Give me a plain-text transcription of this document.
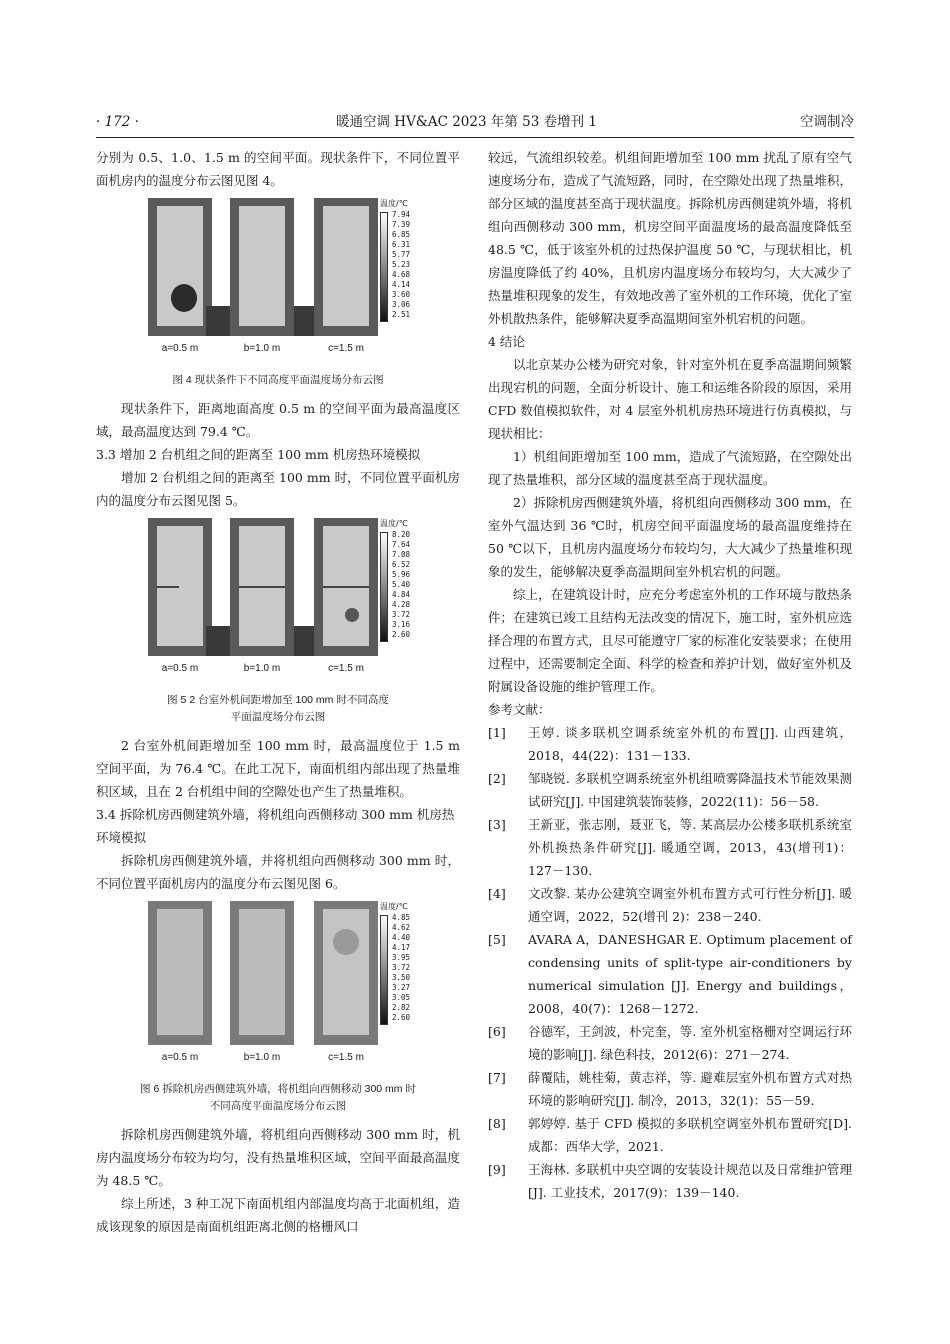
· 172 ·	暖通空调 HV&AC 2023 年第 53 卷增刊 1	空调制冷

分别为 0.5、1.0、1.5 m 的空间平面。现状条件下，不同位置平面机房内的温度分布云图见图 4。

a=0.5 m	b=1.0 m	c=1.5 m
温度/℃
7.94
7.39
6.85
6.31
5.77
5.23
4.68
4.14
3.60
3.06
2.51

图 4 现状条件下不同高度平面温度场分布云图

现状条件下，距离地面高度 0.5 m 的空间平面为最高温度区域，最高温度达到 79.4 ℃。

3.3 增加 2 台机组之间的距离至 100 mm 机房热环境模拟

增加 2 台机组之间的距离至 100 mm 时，不同位置平面机房内的温度分布云图见图 5。

a=0.5 m	b=1.0 m	c=1.5 m
温度/℃
8.20
7.64
7.08
6.52
5.96
5.40
4.84
4.28
3.72
3.16
2.60

图 5 2 台室外机间距增加至 100 mm 时不同高度
平面温度场分布云图

2 台室外机间距增加至 100 mm 时，最高温度位于 1.5 m 空间平面，为 76.4 ℃。在此工况下，南面机组内部出现了热量堆积区域，且在 2 台机组中间的空隙处也产生了热量堆积。

3.4 拆除机房西侧建筑外墙，将机组向西侧移动 300 mm 机房热环境模拟

拆除机房西侧建筑外墙，并将机组向西侧移动 300 mm 时，不同位置平面机房内的温度分布云图见图 6。

a=0.5 m	b=1.0 m	c=1.5 m
温度/℃
4.85
4.62
4.40
4.17
3.95
3.72
3.50
3.27
3.05
2.82
2.60

图 6 拆除机房西侧建筑外墙，将机组向西侧移动 300 mm 时
不同高度平面温度场分布云图

拆除机房西侧建筑外墙，将机组向西侧移动 300 mm 时，机房内温度场分布较为均匀，没有热量堆积区域，空间平面最高温度为 48.5 ℃。

综上所述，3 种工况下南面机组内部温度均高于北面机组，造成该现象的原因是南面机组距离北侧的格栅风口

较远，气流组织较差。机组间距增加至 100 mm 扰乱了原有空气速度场分布，造成了气流短路，同时，在空隙处出现了热量堆积，部分区域的温度甚至高于现状温度。拆除机房西侧建筑外墙，将机组向西侧移动 300 mm，机房空间平面温度场的最高温度降低至 48.5 ℃，低于该室外机的过热保护温度 50 ℃，与现状相比，机房温度降低了约 40%，且机房内温度场分布较均匀，大大减少了热量堆积现象的发生，有效地改善了室外机的工作环境，优化了室外机散热条件，能够解决夏季高温期间室外机宕机的问题。

4 结论

以北京某办公楼为研究对象，针对室外机在夏季高温期间频繁出现宕机的问题，全面分析设计、施工和运维各阶段的原因，采用 CFD 数值模拟软件，对 4 层室外机机房热环境进行仿真模拟，与现状相比：

1）机组间距增加至 100 mm，造成了气流短路，在空隙处出现了热量堆积，部分区域的温度甚至高于现状温度。

2）拆除机房西侧建筑外墙，将机组向西侧移动 300 mm，在室外气温达到 36 ℃时，机房空间平面温度场的最高温度维持在 50 ℃以下，且机房内温度场分布较均匀，大大减少了热量堆积现象的发生，能够解决夏季高温期间室外机宕机的问题。

综上，在建筑设计时，应充分考虑室外机的工作环境与散热条件；在建筑已竣工且结构无法改变的情况下，施工时，室外机应选择合理的布置方式，且尽可能遵守厂家的标准化安装要求；在使用过程中，还需要制定全面、科学的检查和养护计划，做好室外机及附属设备设施的维护管理工作。

参考文献：
[1] 王婷. 谈多联机空调系统室外机的布置[J]. 山西建筑，2018，44(22)：131－133.
[2] 邹晓锐. 多联机空调系统室外机组喷雾降温技术节能效果测试研究[J]. 中国建筑装饰装修，2022(11)：56－58.
[3] 王新亚，张志刚，聂亚飞，等. 某高层办公楼多联机系统室外机换热条件研究[J]. 暖通空调，2013，43(增刊1)：127－130.
[4] 文改黎. 某办公建筑空调室外机布置方式可行性分析[J]. 暖通空调，2022，52(增刊 2)：238－240.
[5] AVARA A，DANESHGAR E. Optimum placement of condensing units of split-type air-conditioners by numerical simulation [J]. Energy and buildings，2008，40(7)：1268－1272.
[6] 谷德军，王剑波，朴完奎，等. 室外机室格栅对空调运行环境的影响[J]. 绿色科技，2012(6)：271－274.
[7] 薛覆陆，姚桂菊，黄志祥，等. 避难层室外机布置方式对热环境的影响研究[J]. 制冷，2013，32(1)：55－59.
[8] 郭婷婷. 基于 CFD 模拟的多联机空调室外机布置研究[D]. 成都：西华大学，2021.
[9] 王海林. 多联机中央空调的安装设计规范以及日常维护管理[J]. 工业技术，2017(9)：139－140.
